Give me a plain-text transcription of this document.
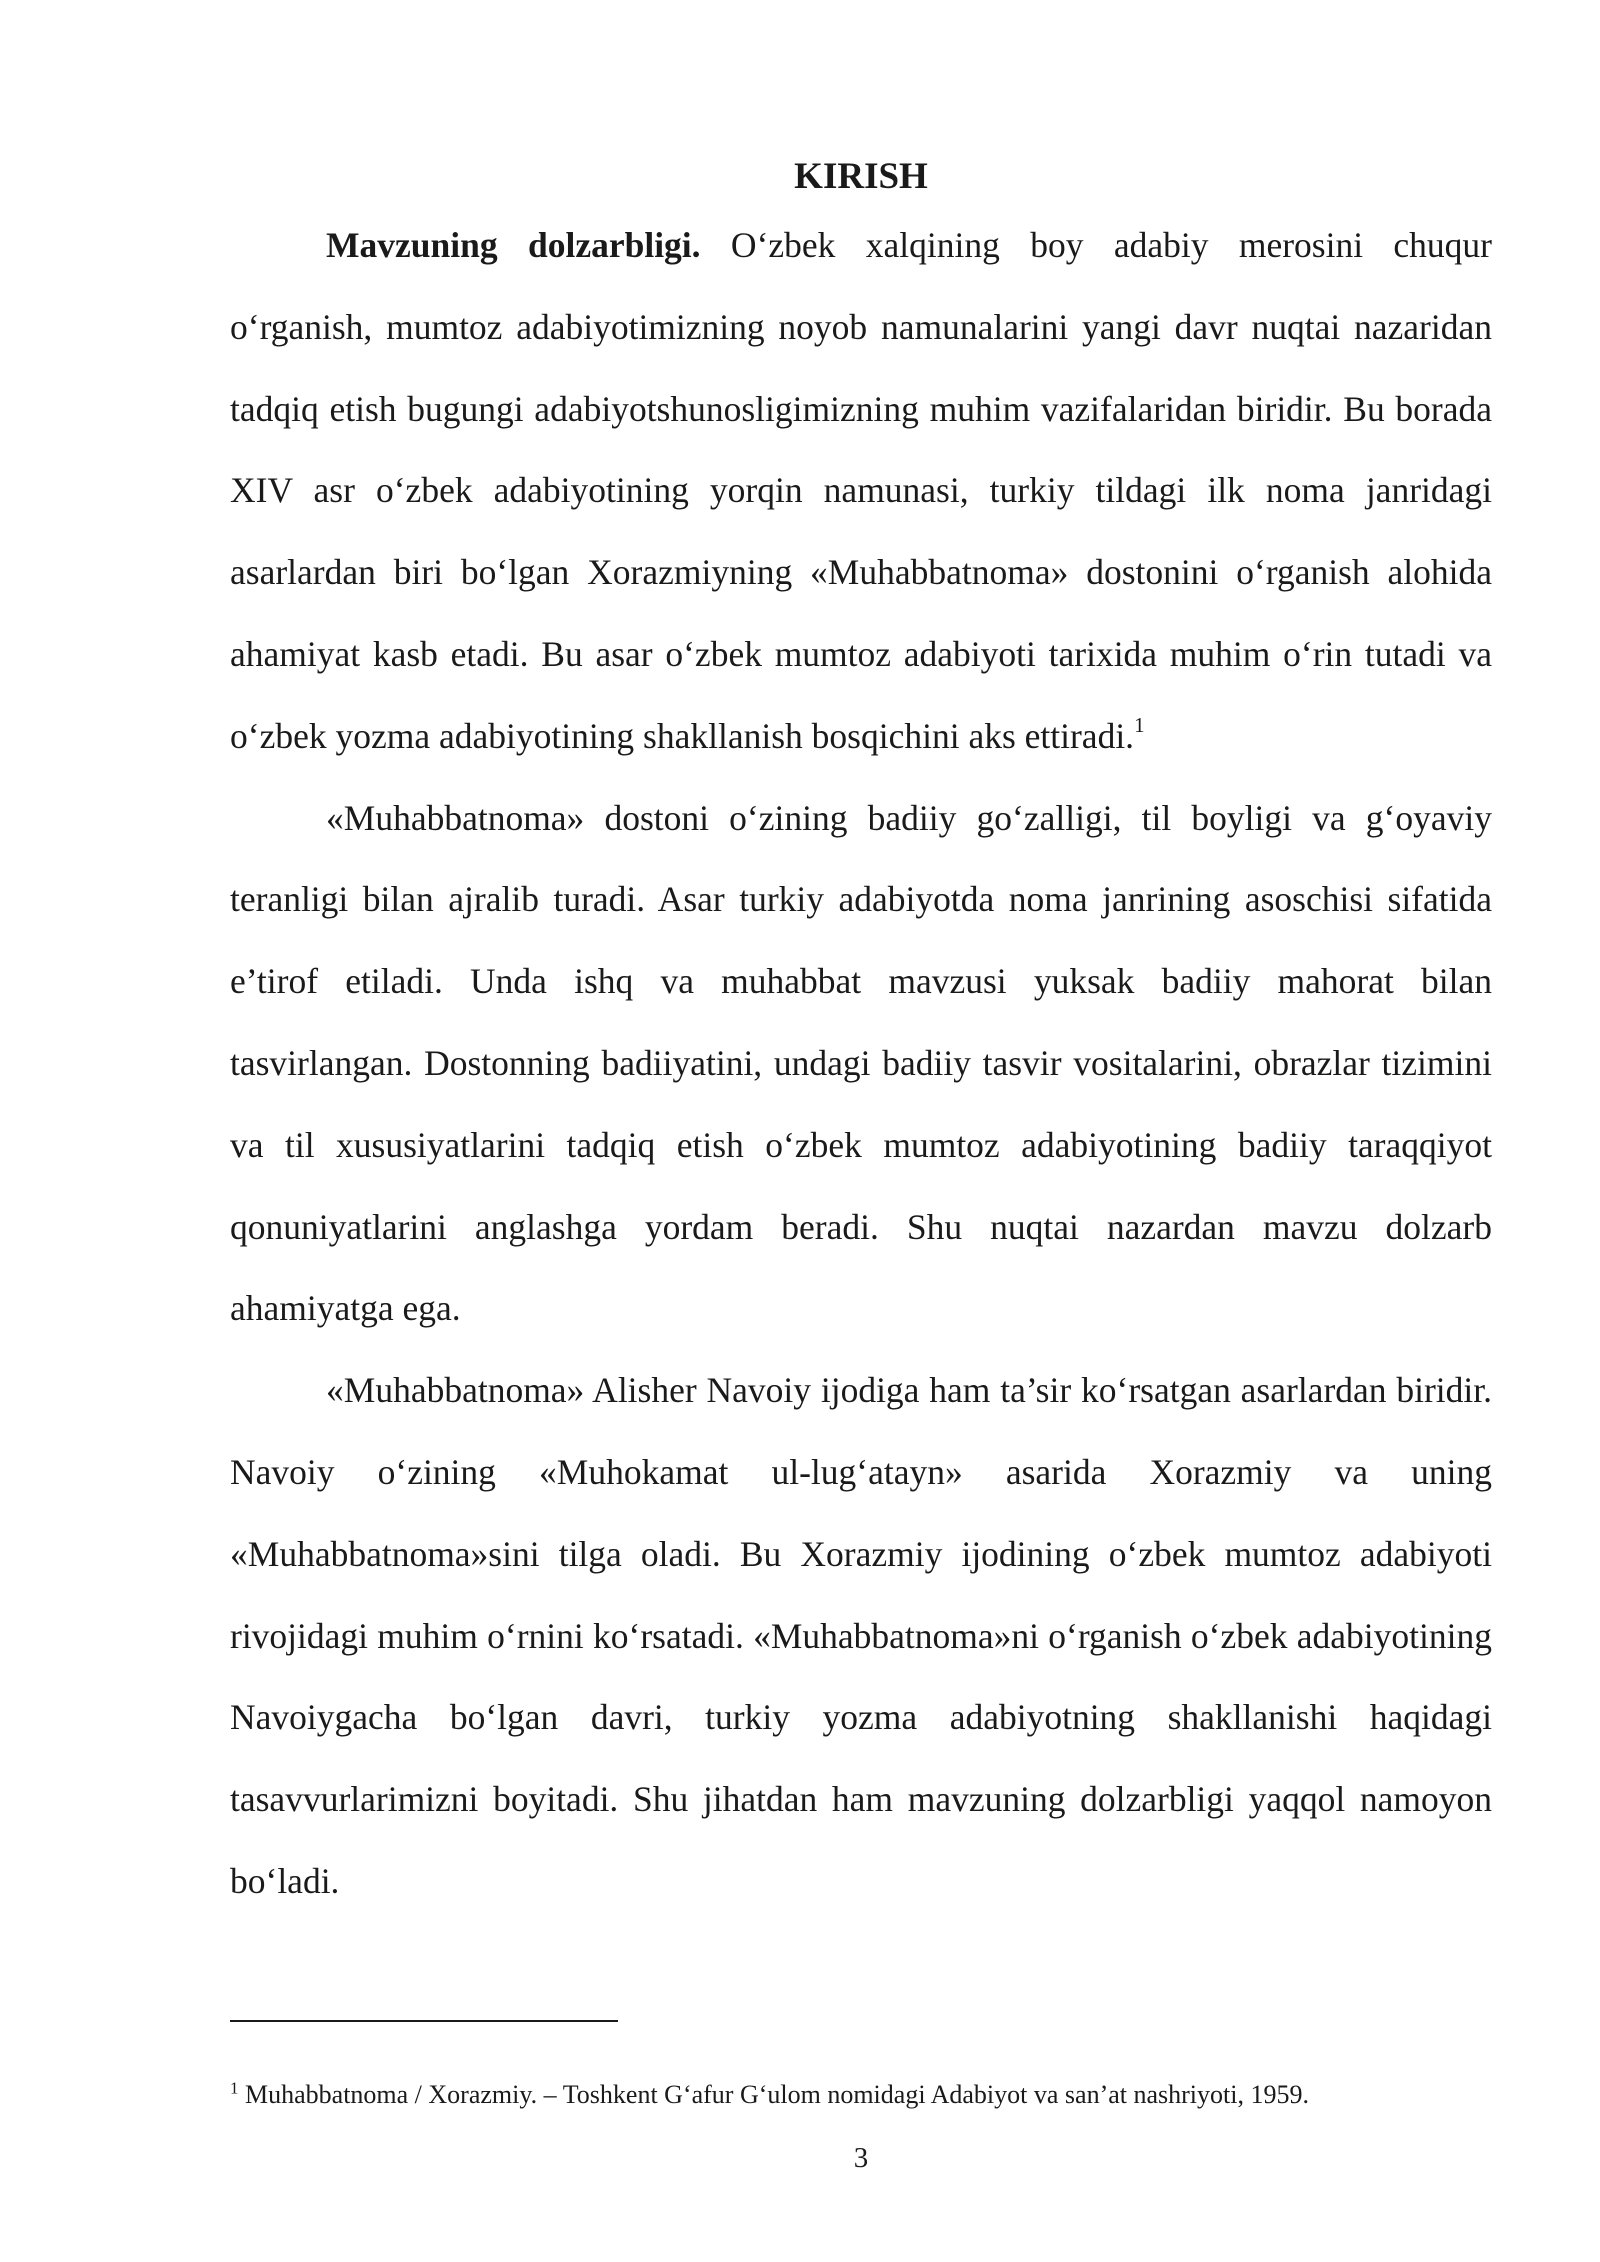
KIRISH

Mavzuning dolzarbligi. O‘zbek xalqining boy adabiy merosini chuqur o‘rganish, mumtoz adabiyotimizning noyob namunalarini yangi davr nuqtai nazaridan tadqiq etish bugungi adabiyotshunosligimizning muhim vazifalaridan biridir. Bu borada XIV asr o‘zbek adabiyotining yorqin namunasi, turkiy tildagi ilk noma janridagi asarlardan biri bo‘lgan Xorazmiyning «Muhabbatnoma» dostonini o‘rganish alohida ahamiyat kasb etadi. Bu asar o‘zbek mumtoz adabiyoti tarixida muhim o‘rin tutadi va o‘zbek yozma adabiyotining shakllanish bosqichini aks ettiradi.$^1$

«Muhabbatnoma» dostoni o‘zining badiiy go‘zalligi, til boyligi va g‘oyaviy teranligi bilan ajralib turadi. Asar turkiy adabiyotda noma janrining asoschisi sifatida e’tirof etiladi. Unda ishq va muhabbat mavzusi yuksak badiiy mahorat bilan tasvirlangan. Dostonning badiiyatini, undagi badiiy tasvir vositalarini, obrazlar tizimini va til xususiyatlarini tadqiq etish o‘zbek mumtoz adabiyotining badiiy taraqqiyot qonuniyatlarini anglashga yordam beradi. Shu nuqtai nazardan mavzu dolzarb ahamiyatga ega.

«Muhabbatnoma» Alisher Navoiy ijodiga ham ta’sir ko‘rsatgan asarlardan biridir. Navoiy o‘zining «Muhokamat ul-lug‘atayn» asarida Xorazmiy va uning «Muhabbatnoma»sini tilga oladi. Bu Xorazmiy ijodining o‘zbek mumtoz adabiyoti rivojidagi muhim o‘rnini ko‘rsatadi. «Muhabbatnoma»ni o‘rganish o‘zbek adabiyotining Navoiygacha bo‘lgan davri, turkiy yozma adabiyotning shakllanishi haqidagi tasavvurlarimizni boyitadi. Shu jihatdan ham mavzuning dolzarbligi yaqqol namoyon bo‘ladi.

$^1$ Muhabbatnoma / Xorazmiy. – Toshkent G‘afur G‘ulom nomidagi Adabiyot va san’at nashriyoti, 1959.

3
